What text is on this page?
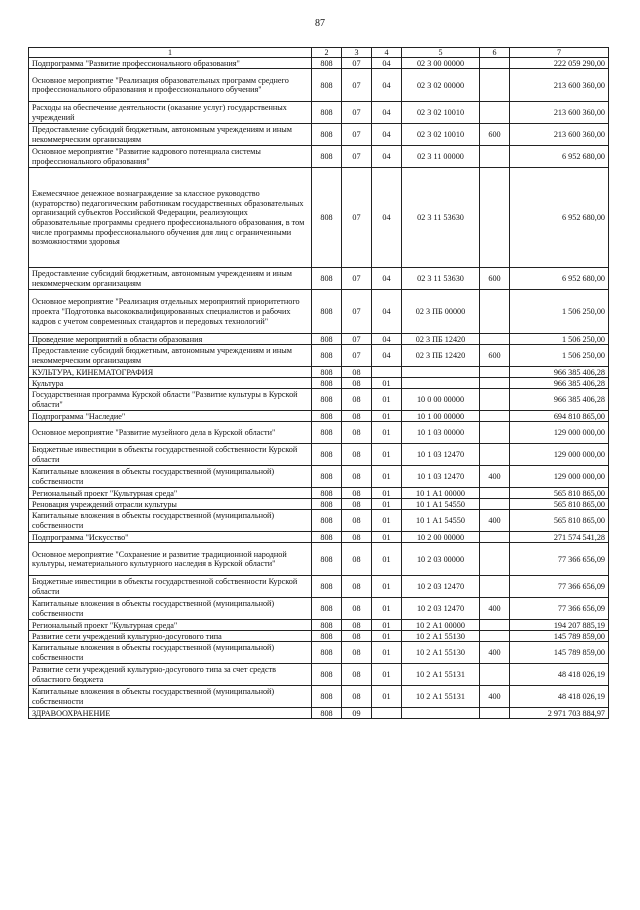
87
1	2	3	4	5	6	7
Подпрограмма "Развитие профессионального образования"	808	07	04	02 3 00 00000		222 059 290,00
Основное мероприятие "Реализация образовательных программ среднего профессионального образования и профессионального обучения"	808	07	04	02 3 02 00000		213 600 360,00
Расходы на обеспечение деятельности (оказание услуг) государственных учреждений	808	07	04	02 3 02 10010		213 600 360,00
Предоставление субсидий бюджетным, автономным учреждениям и иным некоммерческим организациям	808	07	04	02 3 02 10010	600	213 600 360,00
Основное мероприятие "Развитие кадрового потенциала системы профессионального образования"	808	07	04	02 3 11 00000		6 952 680,00
Ежемесячное денежное вознаграждение за классное руководство (кураторство) педагогическим работникам государственных образовательных организаций субъектов Российской Федерации, реализующих образовательные программы среднего профессионального образования, в том числе программы профессионального обучения для лиц с ограниченными возможностями здоровья	808	07	04	02 3 11 53630		6 952 680,00
Предоставление субсидий бюджетным, автономным учреждениям и иным некоммерческим организациям	808	07	04	02 3 11 53630	600	6 952 680,00
Основное мероприятие "Реализация отдельных мероприятий приоритетного проекта "Подготовка высококвалифицированных специалистов и рабочих кадров с учетом современных стандартов и передовых технологий"	808	07	04	02 3 ПБ 00000		1 506 250,00
Проведение мероприятий в области образования	808	07	04	02 3 ПБ 12420		1 506 250,00
Предоставление субсидий бюджетным, автономным учреждениям и иным некоммерческим организациям	808	07	04	02 3 ПБ 12420	600	1 506 250,00
КУЛЬТУРА, КИНЕМАТОГРАФИЯ	808	08				966 385 406,28
Культура	808	08	01			966 385 406,28
Государственная программа Курской области "Развитие культуры в Курской области"	808	08	01	10 0 00 00000		966 385 406,28
Подпрограмма "Наследие"	808	08	01	10 1 00 00000		694 810 865,00
Основное мероприятие "Развитие музейного дела в Курской области"	808	08	01	10 1 03 00000		129 000 000,00
Бюджетные инвестиции в объекты государственной собственности Курской области	808	08	01	10 1 03 12470		129 000 000,00
Капитальные вложения в объекты государственной (муниципальной) собственности	808	08	01	10 1 03 12470	400	129 000 000,00
Региональный проект "Культурная среда"	808	08	01	10 1 А1 00000		565 810 865,00
Реновация учреждений отрасли культуры	808	08	01	10 1 А1 54550		565 810 865,00
Капитальные вложения в объекты государственной (муниципальной) собственности	808	08	01	10 1 А1 54550	400	565 810 865,00
Подпрограмма "Искусство"	808	08	01	10 2 00 00000		271 574 541,28
Основное мероприятие "Сохранение и развитие традиционной народной культуры, нематериального культурного наследия в Курской области"	808	08	01	10 2 03 00000		77 366 656,09
Бюджетные инвестиции в объекты государственной собственности Курской области	808	08	01	10 2 03 12470		77 366 656,09
Капитальные вложения в объекты государственной (муниципальной) собственности	808	08	01	10 2 03 12470	400	77 366 656,09
Региональный проект "Культурная среда"	808	08	01	10 2 А1 00000		194 207 885,19
Развитие сети учреждений культурно-досугового типа	808	08	01	10 2 А1 55130		145 789 859,00
Капитальные вложения в объекты государственной (муниципальной) собственности	808	08	01	10 2 А1 55130	400	145 789 859,00
Развитие сети учреждений культурно-досугового типа за счет средств областного бюджета	808	08	01	10 2 А1 55131		48 418 026,19
Капитальные вложения в объекты государственной (муниципальной) собственности	808	08	01	10 2 А1 55131	400	48 418 026,19
ЗДРАВООХРАНЕНИЕ	808	09				2 971 703 884,97
